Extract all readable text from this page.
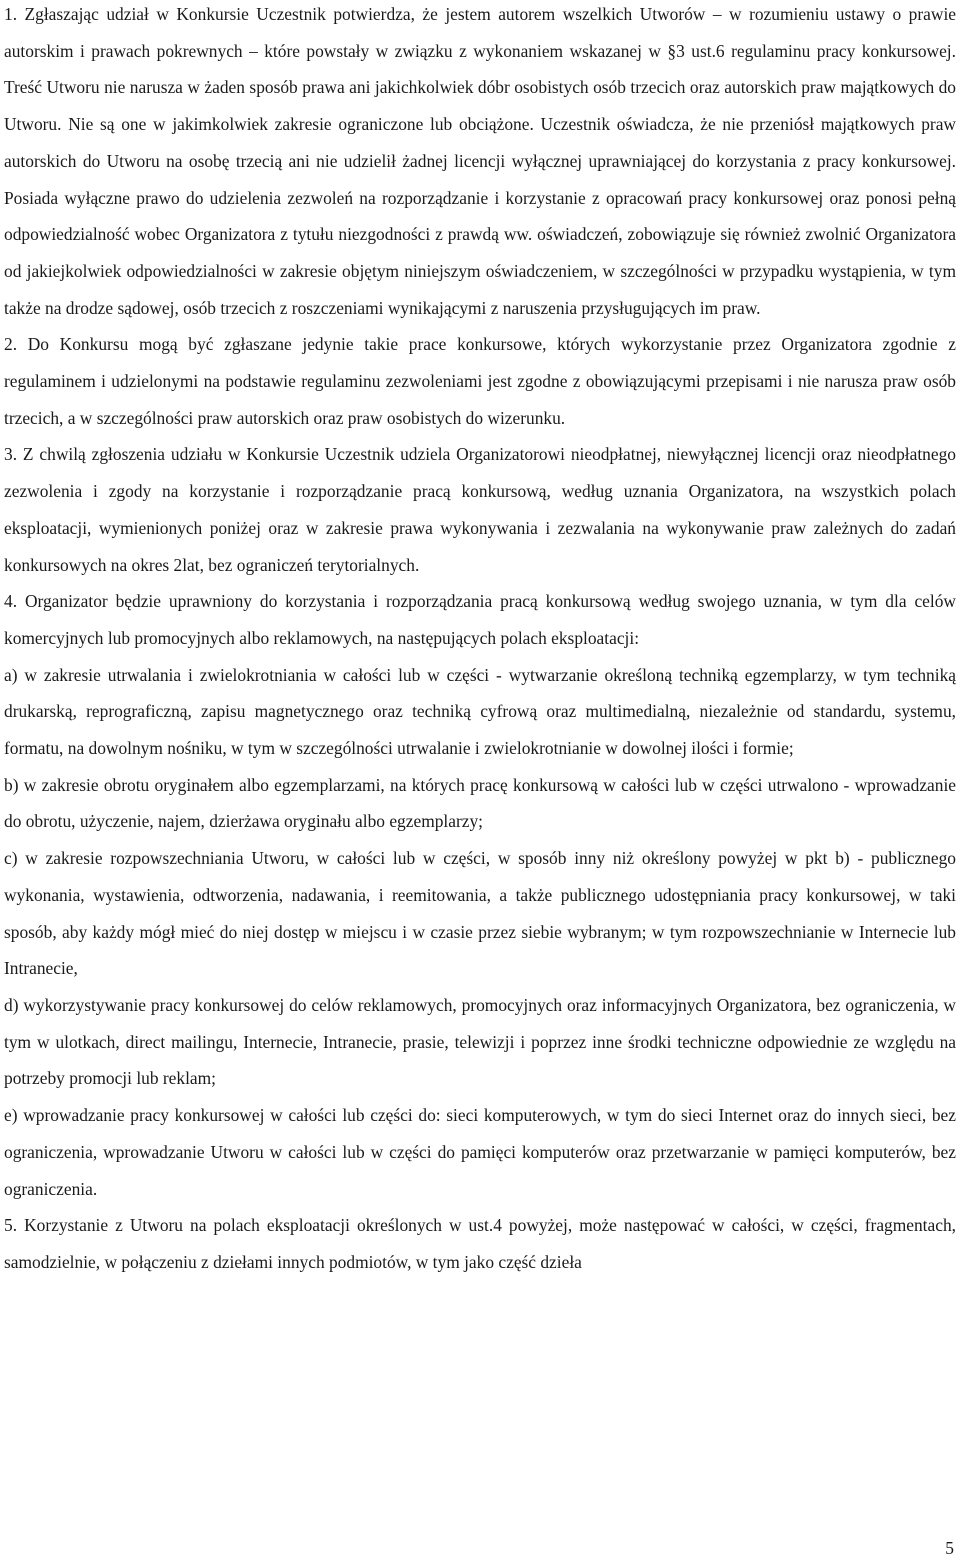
1. Zgłaszając udział w Konkursie Uczestnik potwierdza, że jestem autorem wszelkich Utworów – w rozumieniu ustawy o prawie autorskim i prawach pokrewnych – które powstały w związku z wykonaniem wskazanej w §3 ust.6 regulaminu pracy konkursowej. Treść Utworu nie narusza w żaden sposób prawa ani jakichkolwiek dóbr osobistych osób trzecich oraz autorskich praw majątkowych do Utworu. Nie są one w jakimkolwiek zakresie ograniczone lub obciążone. Uczestnik oświadcza, że nie przeniósł majątkowych praw autorskich do Utworu na osobę trzecią ani nie udzielił żadnej licencji wyłącznej uprawniającej do korzystania z pracy konkursowej. Posiada wyłączne prawo do udzielenia zezwoleń na rozporządzanie i korzystanie z opracowań pracy konkursowej oraz ponosi pełną odpowiedzialność wobec Organizatora z tytułu niezgodności z prawdą ww. oświadczeń, zobowiązuje się również zwolnić Organizatora od jakiejkolwiek odpowiedzialności w zakresie objętym niniejszym oświadczeniem, w szczególności w przypadku wystąpienia, w tym także na drodze sądowej, osób trzecich z roszczeniami wynikającymi z naruszenia przysługujących im praw.

2. Do Konkursu mogą być zgłaszane jedynie takie prace konkursowe, których wykorzystanie przez Organizatora zgodnie z regulaminem i udzielonymi na podstawie regulaminu zezwoleniami jest zgodne z obowiązującymi przepisami i nie narusza praw osób trzecich, a w szczególności praw autorskich oraz praw osobistych do wizerunku.

3. Z chwilą zgłoszenia udziału w Konkursie Uczestnik udziela Organizatorowi nieodpłatnej, niewyłącznej licencji oraz nieodpłatnego zezwolenia i zgody na korzystanie i rozporządzanie pracą konkursową, według uznania Organizatora, na wszystkich polach eksploatacji, wymienionych poniżej oraz w zakresie prawa wykonywania i zezwalania na wykonywanie praw zależnych do zadań konkursowych na okres 2lat, bez ograniczeń terytorialnych.

4. Organizator będzie uprawniony do korzystania i rozporządzania pracą konkursową według swojego uznania, w tym dla celów komercyjnych lub promocyjnych albo reklamowych, na następujących polach eksploatacji:

a) w zakresie utrwalania i zwielokrotniania w całości lub w części - wytwarzanie określoną techniką egzemplarzy, w tym techniką drukarską, reprograficzną, zapisu magnetycznego oraz techniką cyfrową oraz multimedialną, niezależnie od standardu, systemu, formatu, na dowolnym nośniku, w tym w szczególności utrwalanie i zwielokrotnianie w dowolnej ilości i formie;

b) w zakresie obrotu oryginałem albo egzemplarzami, na których pracę konkursową w całości lub w części utrwalono - wprowadzanie do obrotu, użyczenie, najem, dzierżawa oryginału albo egzemplarzy;

c) w zakresie rozpowszechniania Utworu, w całości lub w części, w sposób inny niż określony powyżej w pkt b) - publicznego wykonania, wystawienia, odtworzenia, nadawania, i reemitowania, a także publicznego udostępniania pracy konkursowej, w taki sposób, aby każdy mógł mieć do niej dostęp w miejscu i w czasie przez siebie wybranym; w tym rozpowszechnianie w Internecie lub Intranecie,

d) wykorzystywanie pracy konkursowej do celów reklamowych, promocyjnych oraz informacyjnych Organizatora, bez ograniczenia, w tym w ulotkach, direct mailingu, Internecie, Intranecie, prasie, telewizji i poprzez inne środki techniczne odpowiednie ze względu na potrzeby promocji lub reklam;

e) wprowadzanie pracy konkursowej w całości lub części do: sieci komputerowych, w tym do sieci Internet oraz do innych sieci, bez ograniczenia, wprowadzanie Utworu w całości lub w części do pamięci komputerów oraz przetwarzanie w pamięci komputerów, bez ograniczenia.

5. Korzystanie z Utworu na polach eksploatacji określonych w ust.4 powyżej, może następować w całości, w części, fragmentach, samodzielnie, w połączeniu z dziełami innych podmiotów, w tym jako część dzieła

5
